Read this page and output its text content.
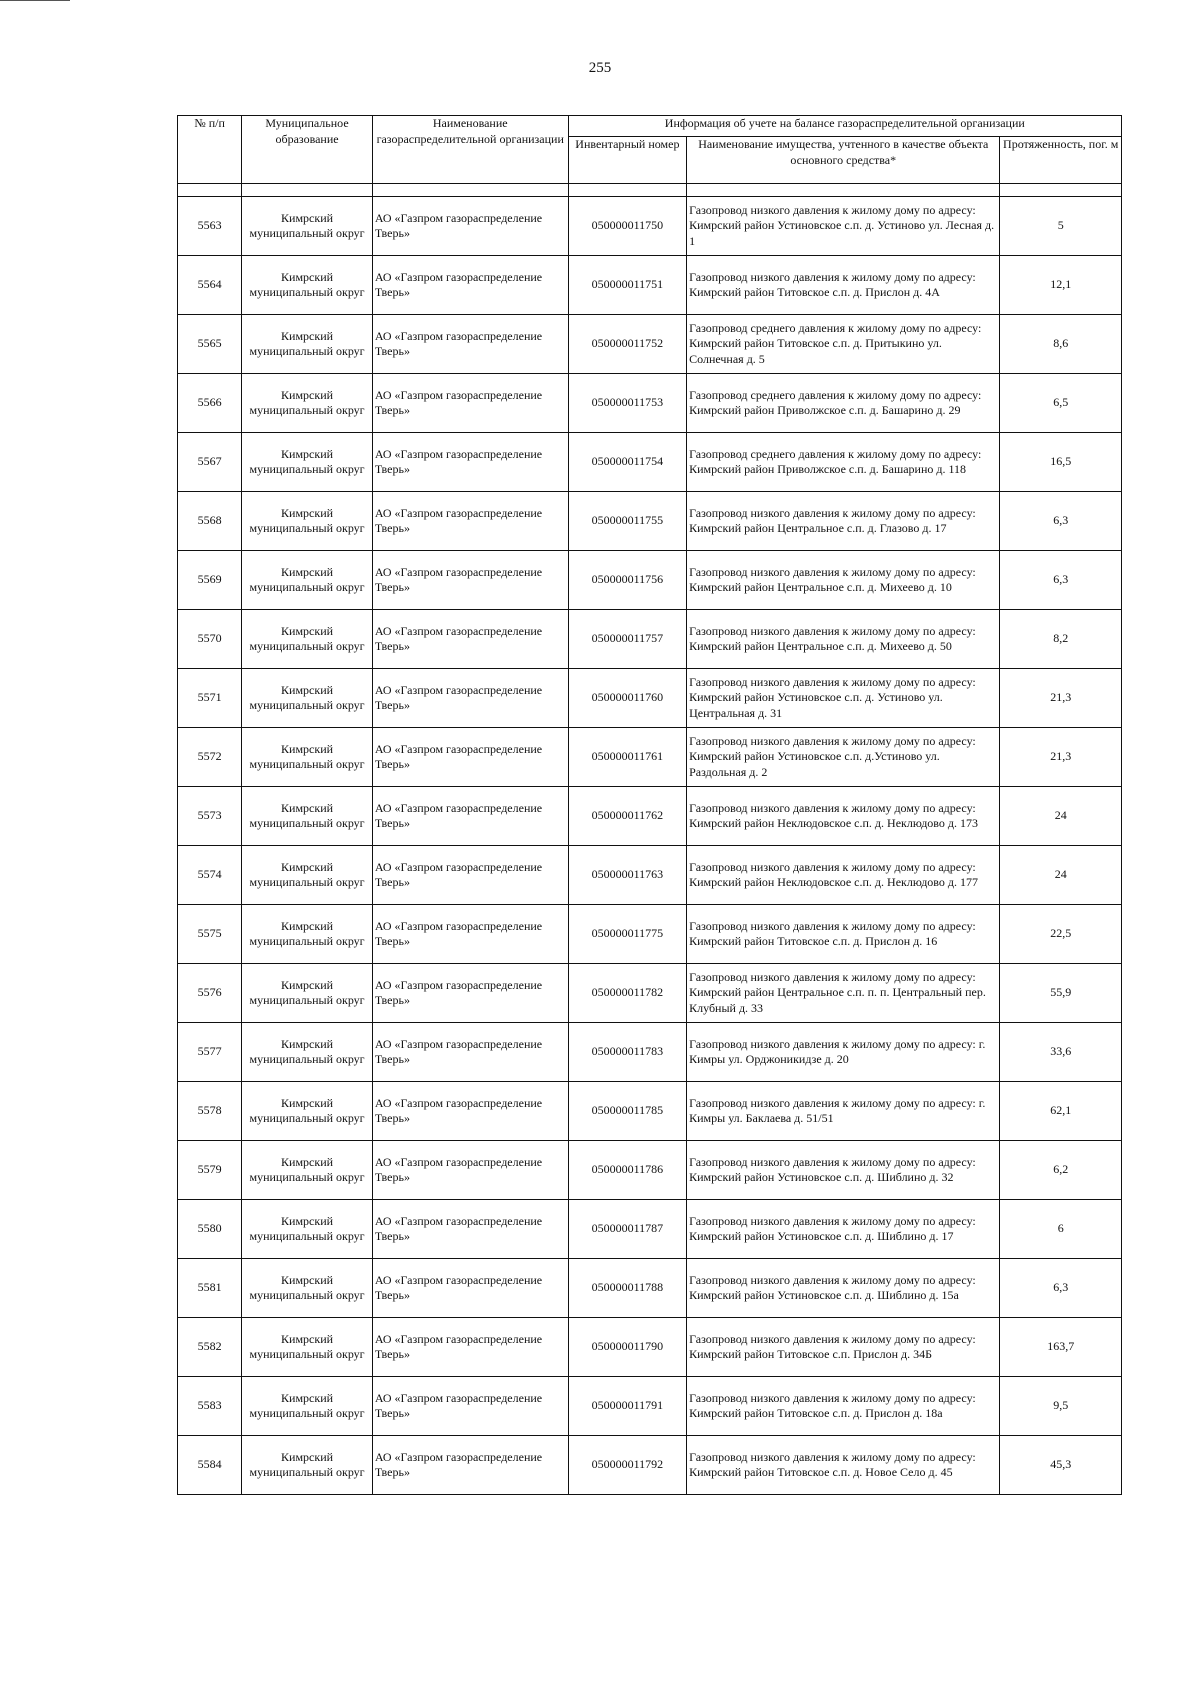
255
№ п/п	Муниципальное образование	Наименование газораспределительной организации	Информация об учете на балансе газораспределительной организации		
			Инвентарный номер	Наименование имущества, учтенного в качестве объекта основного средства*	Протяженность, пог. м

5563	Кимрский муниципальный округ	АО «Газпром газораспределение Тверь»	050000011750	Газопровод низкого давления к жилому дому по адресу: Кимрский район Устиновское с.п. д. Устиново ул. Лесная д. 1	5
5564	Кимрский муниципальный округ	АО «Газпром газораспределение Тверь»	050000011751	Газопровод низкого давления к жилому дому по адресу: Кимрский район Титовское с.п. д. Прислон д. 4А	12,1
5565	Кимрский муниципальный округ	АО «Газпром газораспределение Тверь»	050000011752	Газопровод среднего давления к жилому дому по адресу: Кимрский район Титовское с.п. д. Притыкино ул. Солнечная д. 5	8,6
5566	Кимрский муниципальный округ	АО «Газпром газораспределение Тверь»	050000011753	Газопровод среднего давления к жилому дому по адресу: Кимрский район Приволжское с.п. д. Башарино д. 29	6,5
5567	Кимрский муниципальный округ	АО «Газпром газораспределение Тверь»	050000011754	Газопровод среднего давления к жилому дому по адресу: Кимрский район Приволжское с.п. д. Башарино д. 118	16,5
5568	Кимрский муниципальный округ	АО «Газпром газораспределение Тверь»	050000011755	Газопровод низкого давления к жилому дому по адресу: Кимрский район Центральное с.п. д. Глазово д. 17	6,3
5569	Кимрский муниципальный округ	АО «Газпром газораспределение Тверь»	050000011756	Газопровод низкого давления к жилому дому по адресу: Кимрский район Центральное с.п. д. Михеево д. 10	6,3
5570	Кимрский муниципальный округ	АО «Газпром газораспределение Тверь»	050000011757	Газопровод низкого давления к жилому дому по адресу: Кимрский район Центральное с.п. д. Михеево д. 50	8,2
5571	Кимрский муниципальный округ	АО «Газпром газораспределение Тверь»	050000011760	Газопровод низкого давления к жилому дому по адресу: Кимрский район Устиновское с.п. д. Устиново ул. Центральная д. 31	21,3
5572	Кимрский муниципальный округ	АО «Газпром газораспределение Тверь»	050000011761	Газопровод низкого давления к жилому дому по адресу: Кимрский район Устиновское с.п. д.Устиново ул. Раздольная д. 2	21,3
5573	Кимрский муниципальный округ	АО «Газпром газораспределение Тверь»	050000011762	Газопровод низкого давления к жилому дому по адресу: Кимрский район Неклюдовское с.п. д. Неклюдово д. 173	24
5574	Кимрский муниципальный округ	АО «Газпром газораспределение Тверь»	050000011763	Газопровод низкого давления к жилому дому по адресу: Кимрский район Неклюдовское с.п. д. Неклюдово д. 177	24
5575	Кимрский муниципальный округ	АО «Газпром газораспределение Тверь»	050000011775	Газопровод низкого давления к жилому дому по адресу: Кимрский район Титовское с.п. д. Прислон д. 16	22,5
5576	Кимрский муниципальный округ	АО «Газпром газораспределение Тверь»	050000011782	Газопровод низкого давления к жилому дому по адресу: Кимрский район Центральное с.п. п. п. Центральный пер. Клубный д. 33	55,9
5577	Кимрский муниципальный округ	АО «Газпром газораспределение Тверь»	050000011783	Газопровод низкого давления к жилому дому по адресу: г. Кимры ул. Орджоникидзе д. 20	33,6
5578	Кимрский муниципальный округ	АО «Газпром газораспределение Тверь»	050000011785	Газопровод низкого давления к жилому дому по адресу: г. Кимры ул. Баклаева д. 51/51	62,1
5579	Кимрский муниципальный округ	АО «Газпром газораспределение Тверь»	050000011786	Газопровод низкого давления к жилому дому по адресу: Кимрский район Устиновское с.п. д. Шиблино д. 32	6,2
5580	Кимрский муниципальный округ	АО «Газпром газораспределение Тверь»	050000011787	Газопровод низкого давления к жилому дому по адресу: Кимрский район Устиновское с.п. д. Шиблино д. 17	6
5581	Кимрский муниципальный округ	АО «Газпром газораспределение Тверь»	050000011788	Газопровод низкого давления к жилому дому по адресу: Кимрский район Устиновское с.п. д. Шиблино д. 15а	6,3
5582	Кимрский муниципальный округ	АО «Газпром газораспределение Тверь»	050000011790	Газопровод низкого давления к жилому дому по адресу: Кимрский район Титовское с.п. Прислон д. 34Б	163,7
5583	Кимрский муниципальный округ	АО «Газпром газораспределение Тверь»	050000011791	Газопровод низкого давления к жилому дому по адресу: Кимрский район Титовское с.п. д. Прислон д. 18а	9,5
5584	Кимрский муниципальный округ	АО «Газпром газораспределение Тверь»	050000011792	Газопровод низкого давления к жилому дому по адресу: Кимрский район Титовское с.п. д. Новое Село д. 45	45,3
